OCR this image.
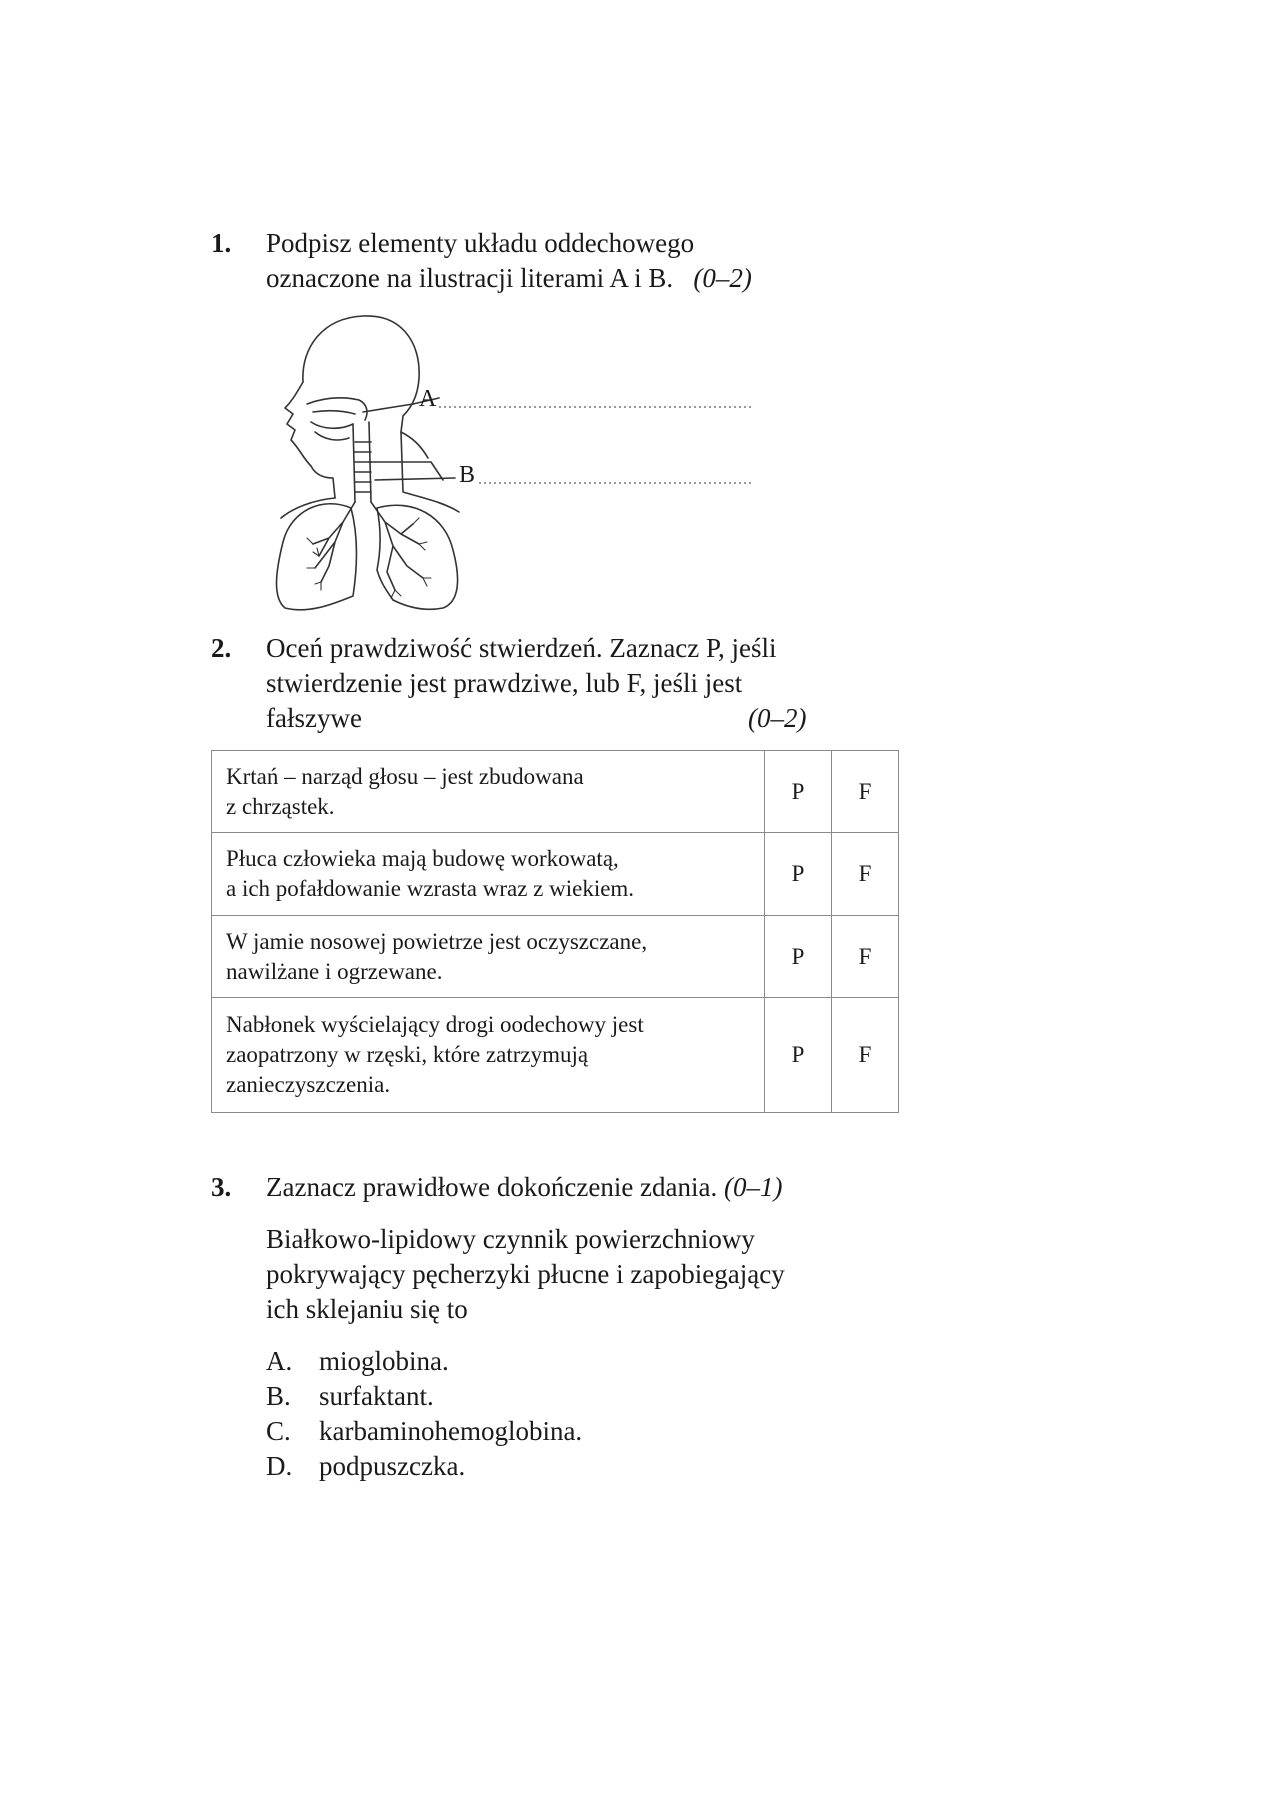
1. Podpisz elementy układu oddechowego
oznaczone na ilustracji literami A i B. (0–2)
A
B
2. Oceń prawdziwość stwierdzeń. Zaznacz P, jeśli
stwierdzenie jest prawdziwe, lub F, jeśli jest
fałszywe	(0–2)
Krtań – narząd głosu – jest zbudowana
z chrząstek.	P	F
Płuca człowieka mają budowę workowatą,
a ich pofałdowanie wzrasta wraz z wiekiem.	P	F
W jamie nosowej powietrze jest oczyszczane,
nawilżane i ogrzewane.	P	F
Nabłonek wyścielający drogi oodechowy jest
zaopatrzony w rzęski, które zatrzymują
zanieczyszczenia.	P	F
3. Zaznacz prawidłowe dokończenie zdania. (0–1)
Białkowo-lipidowy czynnik powierzchniowy
pokrywający pęcherzyki płucne i zapobiegający
ich sklejaniu się to
A. mioglobina.
B. surfaktant.
C. karbaminohemoglobina.
D. podpuszczka.
